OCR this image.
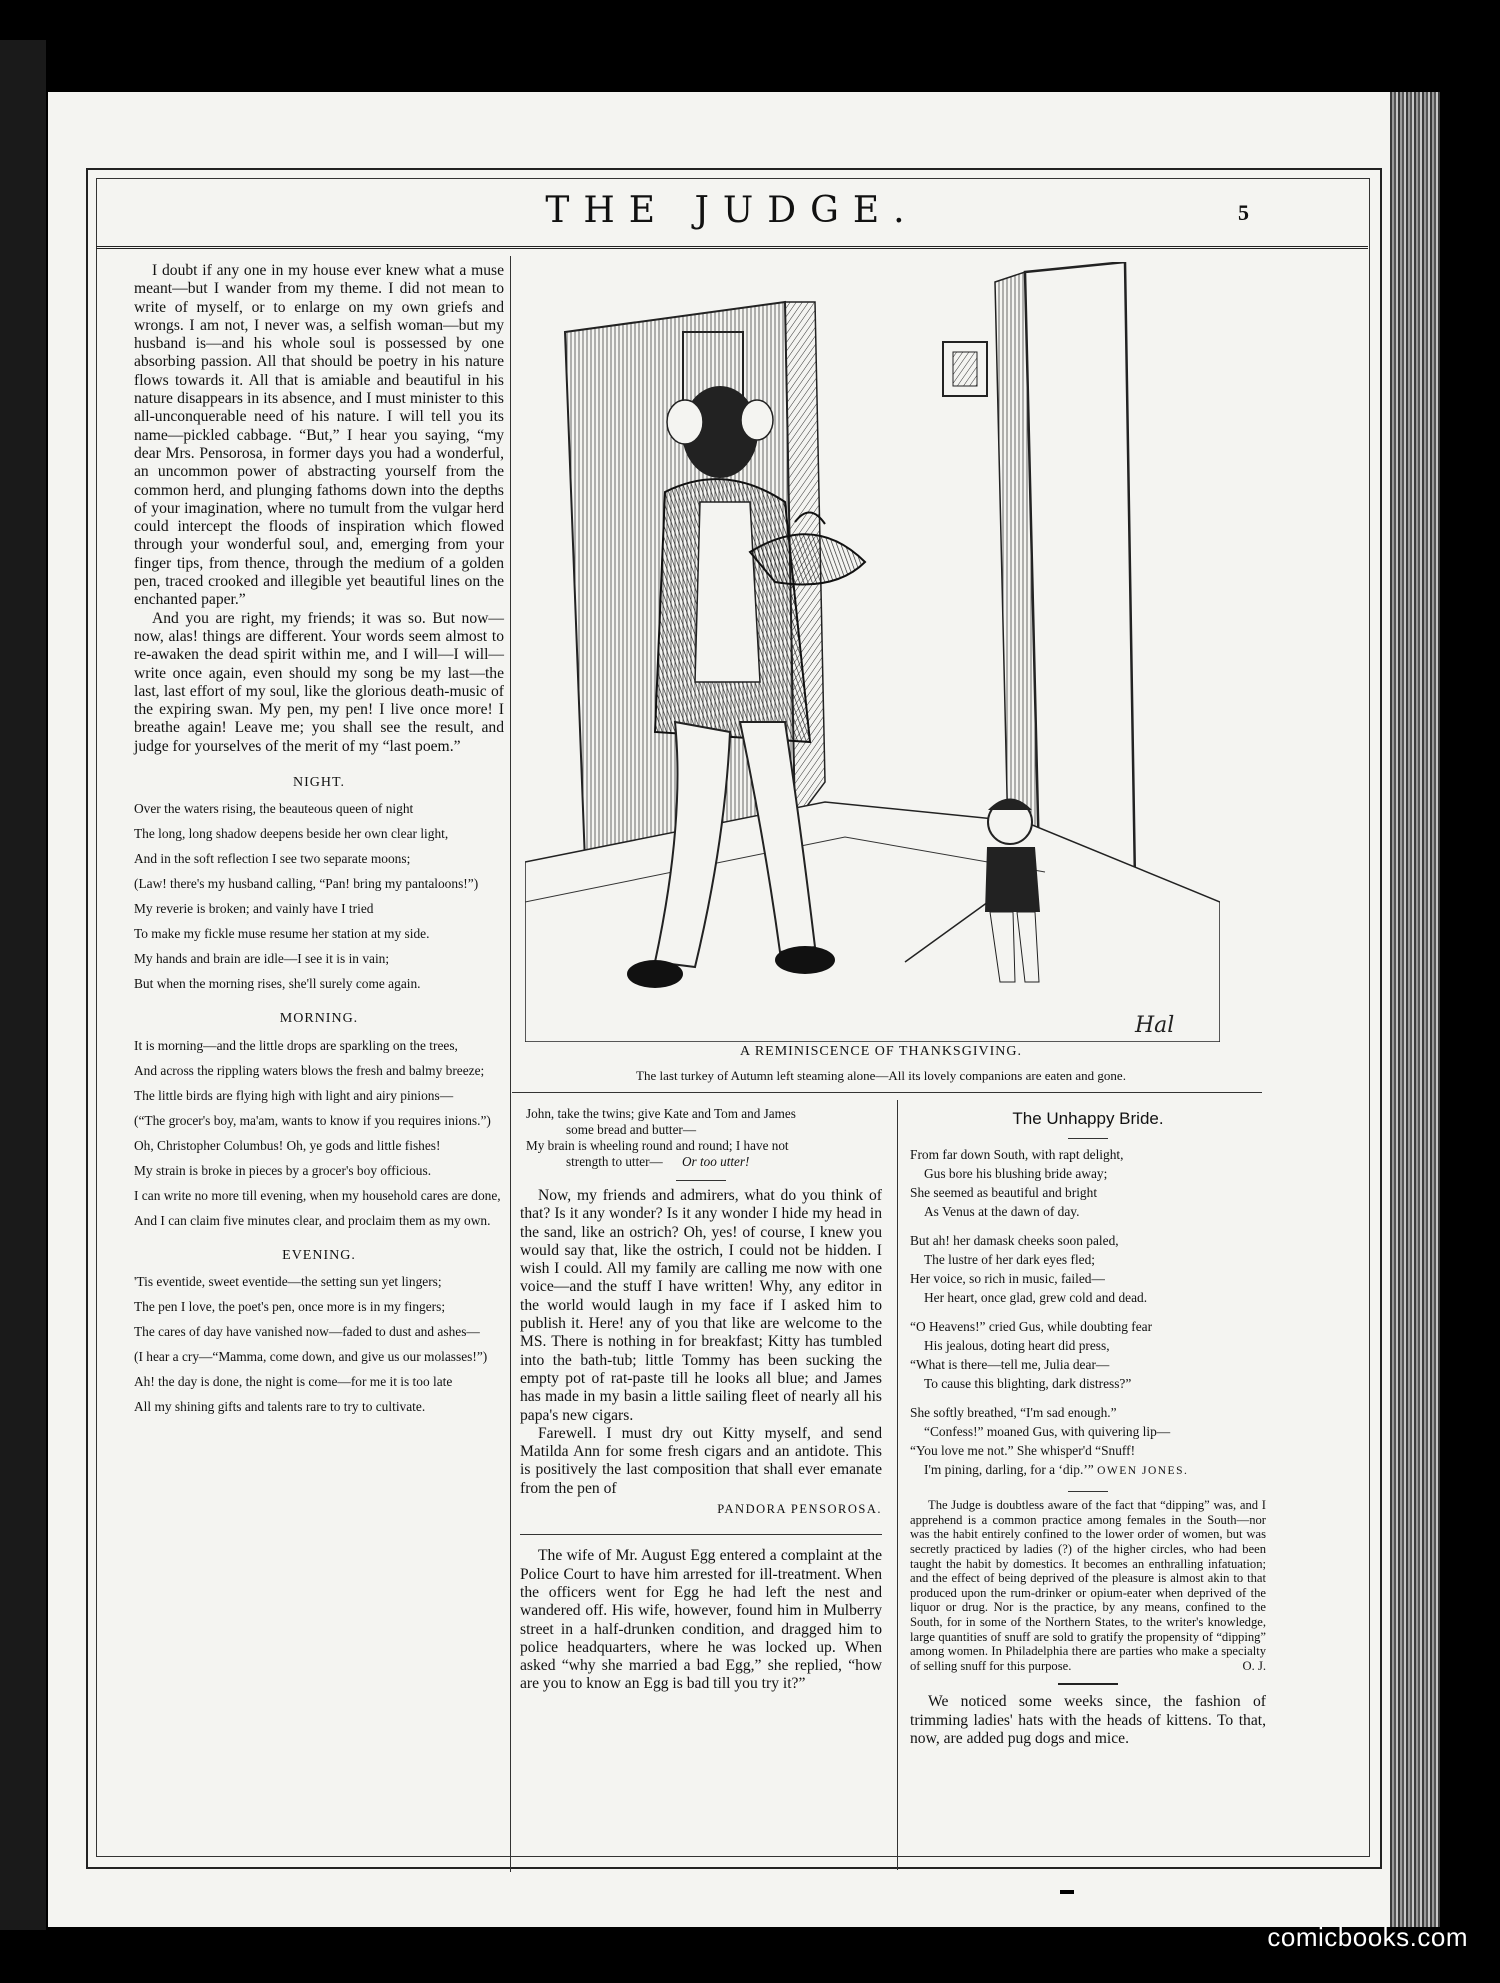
THE JUDGE.	5

I doubt if any one in my house ever knew what a muse meant—but I wander from my theme. I did not mean to write of myself, or to enlarge on my own griefs and wrongs. I am not, I never was, a selfish woman—but my husband is—and his whole soul is possessed by one absorbing passion. All that should be poetry in his nature flows towards it. All that is amiable and beautiful in his nature disappears in its absence, and I must minister to this all-unconquerable need of his nature. I will tell you its name—pickled cabbage. “But,” I hear you saying, “my dear Mrs. Pensorosa, in former days you had a wonderful, an uncommon power of abstracting yourself from the common herd, and plunging fathoms down into the depths of your imagination, where no tumult from the vulgar herd could intercept the floods of inspiration which flowed through your wonderful soul, and, emerging from your finger tips, from thence, through the medium of a golden pen, traced crooked and illegible yet beautiful lines on the enchanted paper.”

And you are right, my friends; it was so. But now—now, alas! things are different. Your words seem almost to re-awaken the dead spirit within me, and I will—I will—write once again, even should my song be my last—the last, last effort of my soul, like the glorious death-music of the expiring swan. My pen, my pen! I live once more! I breathe again! Leave me; you shall see the result, and judge for yourselves of the merit of my “last poem.”

NIGHT.

Over the waters rising, the beauteous queen of night

The long, long shadow deepens beside her own clear light,

And in the soft reflection I see two separate moons;

(Law! there's my husband calling, “Pan! bring my pantaloons!”)

My reverie is broken; and vainly have I tried

To make my fickle muse resume her station at my side.

My hands and brain are idle—I see it is in vain;

But when the morning rises, she'll surely come again.

MORNING.

It is morning—and the little drops are sparkling on the trees,

And across the rippling waters blows the fresh and balmy breeze;

The little birds are flying high with light and airy pinions—

(“The grocer's boy, ma'am, wants to know if you requires inions.”)

Oh, Christopher Columbus! Oh, ye gods and little fishes!

My strain is broke in pieces by a grocer's boy officious.

I can write no more till evening, when my household cares are done,

And I can claim five minutes clear, and proclaim them as my own.

EVENING.

'Tis eventide, sweet eventide—the setting sun yet lingers;

The pen I love, the poet's pen, once more is in my fingers;

The cares of day have vanished now—faded to dust and ashes—

(I hear a cry—“Mamma, come down, and give us our molasses!”)

Ah! the day is done, the night is come—for me it is too late

All my shining gifts and talents rare to try to cultivate.

Hal
A REMINISCENCE OF THANKSGIVING.
The last turkey of Autumn left steaming alone—All its lovely companions are eaten and gone.
John, take the twins; give Kate and Tom and James
some bread and butter—
My brain is wheeling round and round; I have not
strength to utter— Or too utter!

Now, my friends and admirers, what do you think of that? Is it any wonder? Is it any wonder I hide my head in the sand, like an ostrich? Oh, yes! of course, I knew you would say that, like the ostrich, I could not be hidden. I wish I could. All my family are calling me now with one voice—and the stuff I have written! Why, any editor in the world would laugh in my face if I asked him to publish it. Here! any of you that like are welcome to the MS. There is nothing in for breakfast; Kitty has tumbled into the bath-tub; little Tommy has been sucking the empty pot of rat-paste till he looks all blue; and James has made in my basin a little sailing fleet of nearly all his papa's new cigars.

Farewell. I must dry out Kitty myself, and send Matilda Ann for some fresh cigars and an antidote. This is positively the last composition that shall ever emanate from the pen of

PANDORA PENSOROSA.

The wife of Mr. August Egg entered a complaint at the Police Court to have him arrested for ill-treatment. When the officers went for Egg he had left the nest and wandered off. His wife, however, found him in Mulberry street in a half-drunken condition, and dragged him to police headquarters, where he was locked up. When asked “why she married a bad Egg,” she replied, “how are you to know an Egg is bad till you try it?”

The Unhappy Bride.
From far down South, with rapt delight,
Gus bore his blushing bride away;
She seemed as beautiful and bright
As Venus at the dawn of day.
But ah! her damask cheeks soon paled,
The lustre of her dark eyes fled;
Her voice, so rich in music, failed—
Her heart, once glad, grew cold and dead.
“O Heavens!” cried Gus, while doubting fear
His jealous, doting heart did press,
“What is there—tell me, Julia dear—
To cause this blighting, dark distress?”
She softly breathed, “I'm sad enough.”
“Confess!” moaned Gus, with quivering lip—
“You love me not.” She whisper'd “Snuff!
I'm pining, darling, for a ‘dip.’” OWEN JONES.

The Judge is doubtless aware of the fact that “dipping” was, and I apprehend is a common practice among females in the South—nor was the habit entirely confined to the lower order of women, but was secretly practiced by ladies (?) of the higher circles, who had been taught the habit by domestics. It becomes an enthralling infatuation; and the effect of being deprived of the pleasure is almost akin to that produced upon the rum-drinker or opium-eater when deprived of the liquor or drug. Nor is the practice, by any means, confined to the South, for in some of the Northern States, to the writer's knowledge, large quantities of snuff are sold to gratify the propensity of “dipping” among women. In Philadelphia there are parties who make a specialty of selling snuff for this purpose.	O. J.

We noticed some weeks since, the fashion of trimming ladies' hats with the heads of kittens. To that, now, are added pug dogs and mice.

comicbooks.com
